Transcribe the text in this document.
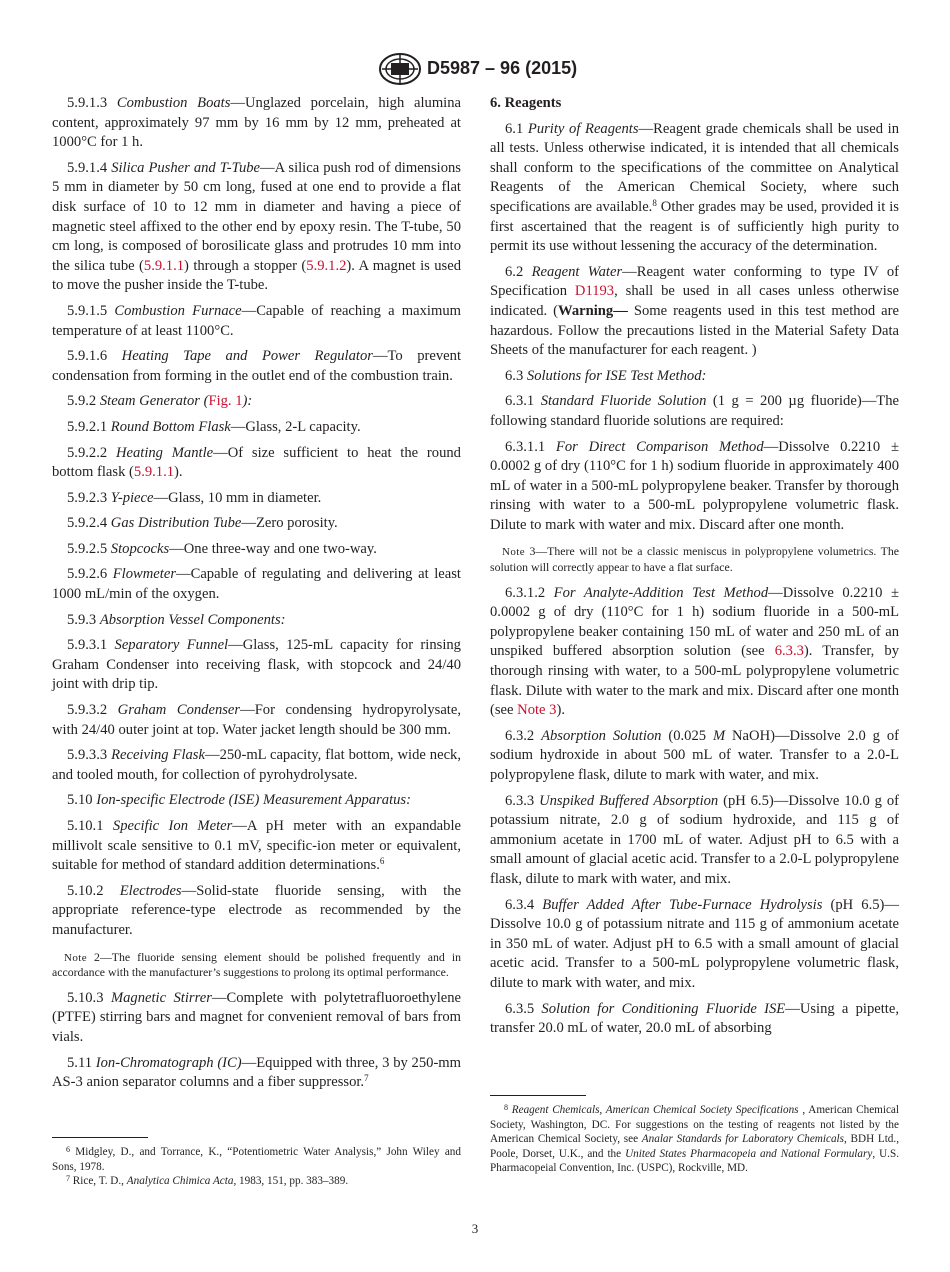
D5987 – 96 (2015)

5.9.1.3 Combustion Boats—Unglazed porcelain, high alumina content, approximately 97 mm by 16 mm by 12 mm, preheated at 1000°C for 1 h.

5.9.1.4 Silica Pusher and T-Tube—A silica push rod of dimensions 5 mm in diameter by 50 cm long, fused at one end to provide a flat disk surface of 10 to 12 mm in diameter and having a piece of magnetic steel affixed to the other end by epoxy resin. The T-tube, 50 cm long, is composed of borosilicate glass and protrudes 10 mm into the silica tube (5.9.1.1) through a stopper (5.9.1.2). A magnet is used to move the pusher inside the T-tube.

5.9.1.5 Combustion Furnace—Capable of reaching a maximum temperature of at least 1100°C.

5.9.1.6 Heating Tape and Power Regulator—To prevent condensation from forming in the outlet end of the combustion train.

5.9.2 Steam Generator (Fig. 1):

5.9.2.1 Round Bottom Flask—Glass, 2-L capacity.

5.9.2.2 Heating Mantle—Of size sufficient to heat the round bottom flask (5.9.1.1).

5.9.2.3 Y-piece—Glass, 10 mm in diameter.

5.9.2.4 Gas Distribution Tube—Zero porosity.

5.9.2.5 Stopcocks—One three-way and one two-way.

5.9.2.6 Flowmeter—Capable of regulating and delivering at least 1000 mL/min of the oxygen.

5.9.3 Absorption Vessel Components:

5.9.3.1 Separatory Funnel—Glass, 125-mL capacity for rinsing Graham Condenser into receiving flask, with stopcock and 24/40 joint with drip tip.

5.9.3.2 Graham Condenser—For condensing hydropyrolysate, with 24/40 outer joint at top. Water jacket length should be 300 mm.

5.9.3.3 Receiving Flask—250-mL capacity, flat bottom, wide neck, and tooled mouth, for collection of pyrohydrolysate.

5.10 Ion-specific Electrode (ISE) Measurement Apparatus:

5.10.1 Specific Ion Meter—A pH meter with an expandable millivolt scale sensitive to 0.1 mV, specific-ion meter or equivalent, suitable for method of standard addition determinations.$^6$

5.10.2 Electrodes—Solid-state fluoride sensing, with the appropriate reference-type electrode as recommended by the manufacturer.

Note 2—The fluoride sensing element should be polished frequently and in accordance with the manufacturer’s suggestions to prolong its optimal performance.

5.10.3 Magnetic Stirrer—Complete with polytetrafluoroethylene (PTFE) stirring bars and magnet for convenient removal of bars from vials.

5.11 Ion-Chromatograph (IC)—Equipped with three, 3 by 250-mm AS-3 anion separator columns and a fiber suppressor.$^7$

6. Reagents

6.1 Purity of Reagents—Reagent grade chemicals shall be used in all tests. Unless otherwise indicated, it is intended that all chemicals shall conform to the specifications of the committee on Analytical Reagents of the American Chemical Society, where such specifications are available.$^8$ Other grades may be used, provided it is first ascertained that the reagent is of sufficiently high purity to permit its use without lessening the accuracy of the determination.

6.2 Reagent Water—Reagent water conforming to type IV of Specification D1193, shall be used in all cases unless otherwise indicated. (Warning— Some reagents used in this test method are hazardous. Follow the precautions listed in the Material Safety Data Sheets of the manufacturer for each reagent. )

6.3 Solutions for ISE Test Method:

6.3.1 Standard Fluoride Solution (1 g = 200 µg fluoride)—The following standard fluoride solutions are required:

6.3.1.1 For Direct Comparison Method—Dissolve 0.2210 ± 0.0002 g of dry (110°C for 1 h) sodium fluoride in approximately 400 mL of water in a 500-mL polypropylene beaker. Transfer by thorough rinsing with water to a 500-mL polypropylene volumetric flask. Dilute to mark with water and mix. Discard after one month.

Note 3—There will not be a classic meniscus in polypropylene volumetrics. The solution will correctly appear to have a flat surface.

6.3.1.2 For Analyte-Addition Test Method—Dissolve 0.2210 ± 0.0002 g of dry (110°C for 1 h) sodium fluoride in a 500-mL polypropylene beaker containing 150 mL of water and 250 mL of an unspiked buffered absorption solution (see 6.3.3). Transfer, by thorough rinsing with water, to a 500-mL polypropylene volumetric flask. Dilute with water to the mark and mix. Discard after one month (see Note 3).

6.3.2 Absorption Solution (0.025 M NaOH)—Dissolve 2.0 g of sodium hydroxide in about 500 mL of water. Transfer to a 2.0-L polypropylene flask, dilute to mark with water, and mix.

6.3.3 Unspiked Buffered Absorption (pH 6.5)—Dissolve 10.0 g of potassium nitrate, 2.0 g of sodium hydroxide, and 115 g of ammonium acetate in 1700 mL of water. Adjust pH to 6.5 with a small amount of glacial acetic acid. Transfer to a 2.0-L polypropylene flask, dilute to mark with water, and mix.

6.3.4 Buffer Added After Tube-Furnace Hydrolysis (pH 6.5)—Dissolve 10.0 g of potassium nitrate and 115 g of ammonium acetate in 350 mL of water. Adjust pH to 6.5 with a small amount of glacial acetic acid. Transfer to a 500-mL polypropylene volumetric flask, dilute to mark with water, and mix.

6.3.5 Solution for Conditioning Fluoride ISE—Using a pipette, transfer 20.0 mL of water, 20.0 mL of absorbing

$^6$ Midgley, D., and Torrance, K., “Potentiometric Water Analysis,” John Wiley and Sons, 1978.

$^7$ Rice, T. D., Analytica Chimica Acta, 1983, 151, pp. 383–389.

$^8$ Reagent Chemicals, American Chemical Society Specifications , American Chemical Society, Washington, DC. For suggestions on the testing of reagents not listed by the American Chemical Society, see Analar Standards for Laboratory Chemicals, BDH Ltd., Poole, Dorset, U.K., and the United States Pharmacopeia and National Formulary, U.S. Pharmacopeial Convention, Inc. (USPC), Rockville, MD.

3
